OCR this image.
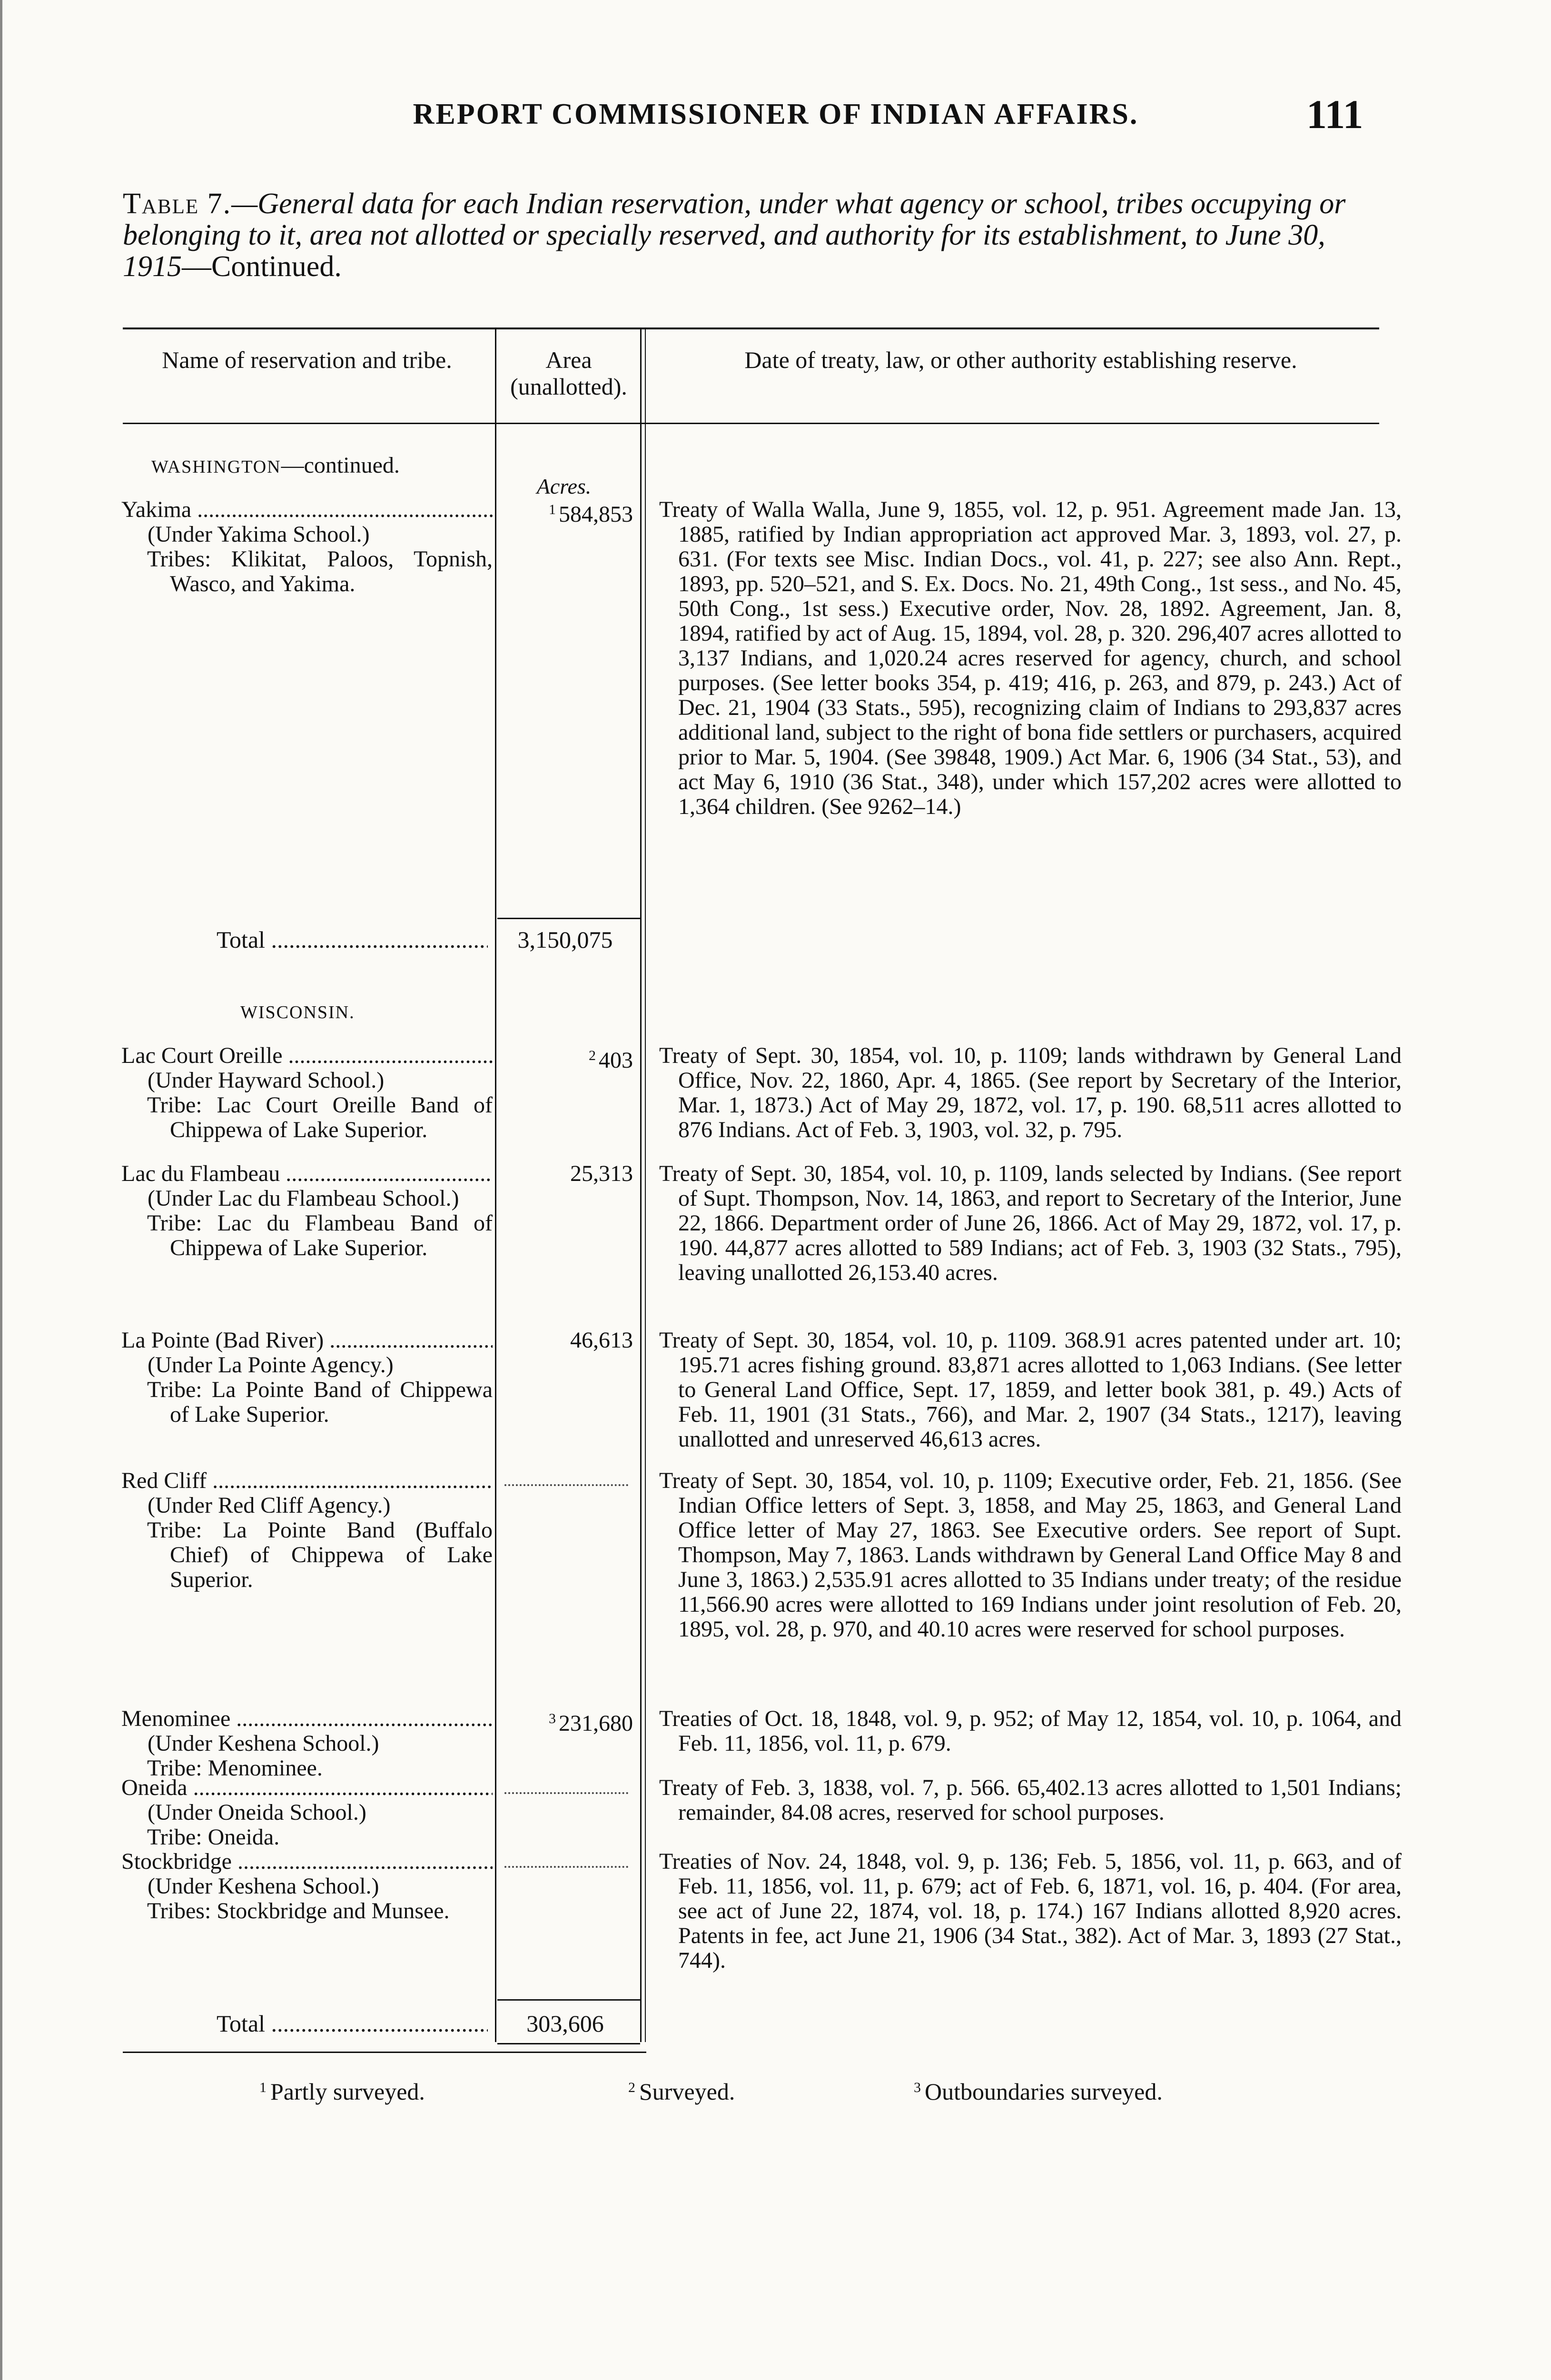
REPORT COMMISSIONER OF INDIAN AFFAIRS.	111
Table 7.—General data for each Indian reservation, under what agency or school, tribes occupying or belonging to it, area not allotted or specially reserved, and authority for its establishment, to June 30, 1915—Continued.
Name of reservation and tribe.	Area (unallotted).
Date of treaty, law, or other authority establishing reserve.
WASHINGTON—continued.
Acres.
Yakima .....
(Under Yakima School.)
Tribes: Klikitat, Paloos, Topnish, Wasco, and Yakima.
$^1$ 584,853 Treaty of Walla Walla, June 9, 1855, vol. 12, p. 951. Agreement made Jan. 13, 1885, ratified by Indian appropriation act approved Mar. 3, 1893, vol. 27, p. 631. (For texts see Misc. Indian Docs., vol. 41, p. 227; see also Ann. Rept., 1893, pp. 520–521, and S. Ex. Docs. No. 21, 49th Cong., 1st sess., and No. 45, 50th Cong., 1st sess.) Executive order, Nov. 28, 1892. Agreement, Jan. 8, 1894, ratified by act of Aug. 15, 1894, vol. 28, p. 320. 296,407 acres allotted to 3,137 Indians, and 1,020.24 acres reserved for agency, church, and school purposes. (See letter books 354, p. 419; 416, p. 263, and 879, p. 243.) Act of Dec. 21, 1904 (33 Stats., 595), recognizing claim of Indians to 293,837 acres additional land, subject to the right of bona fide settlers or purchasers, acquired prior to Mar. 5, 1904. (See 39848, 1909.) Act Mar. 6, 1906 (34 Stat., 53), and act May 6, 1910 (36 Stat., 348), under which 157,202 acres were allotted to 1,364 children. (See 9262–14.)
Total .....	3,150,075
WISCONSIN.
Lac Court Oreille .....
(Under Hayward School.)
Tribe: Lac Court Oreille Band of Chippewa of Lake Superior.
$^2$ 403 Treaty of Sept. 30, 1854, vol. 10, p. 1109; lands withdrawn by General Land Office, Nov. 22, 1860, Apr. 4, 1865. (See report by Secretary of the Interior, Mar. 1, 1873.) Act of May 29, 1872, vol. 17, p. 190. 68,511 acres allotted to 876 Indians. Act of Feb. 3, 1903, vol. 32, p. 795.
Lac du Flambeau .....
(Under Lac du Flambeau School.)
Tribe: Lac du Flambeau Band of Chippewa of Lake Superior.
25,313 Treaty of Sept. 30, 1854, vol. 10, p. 1109, lands selected by Indians. (See report of Supt. Thompson, Nov. 14, 1863, and report to Secretary of the Interior, June 22, 1866. Department order of June 26, 1866. Act of May 29, 1872, vol. 17, p. 190. 44,877 acres allotted to 589 Indians; act of Feb. 3, 1903 (32 Stats., 795), leaving unallotted 26,153.40 acres.
La Pointe (Bad River) .....
(Under La Pointe Agency.)
Tribe: La Pointe Band of Chippewa of Lake Superior.
46,613 Treaty of Sept. 30, 1854, vol. 10, p. 1109. 368.91 acres patented under art. 10; 195.71 acres fishing ground. 83,871 acres allotted to 1,063 Indians. (See letter to General Land Office, Sept. 17, 1859, and letter book 381, p. 49.) Acts of Feb. 11, 1901 (31 Stats., 766), and Mar. 2, 1907 (34 Stats., 1217), leaving unallotted and unreserved 46,613 acres.
Red Cliff .....
(Under Red Cliff Agency.)
Tribe: La Pointe Band (Buffalo Chief) of Chippewa of Lake Superior.
Treaty of Sept. 30, 1854, vol. 10, p. 1109; Executive order, Feb. 21, 1856. (See Indian Office letters of Sept. 3, 1858, and May 25, 1863, and General Land Office letter of May 27, 1863. See Executive orders. See report of Supt. Thompson, May 7, 1863. Lands withdrawn by General Land Office May 8 and June 3, 1863.) 2,535.91 acres allotted to 35 Indians under treaty; of the residue 11,566.90 acres were allotted to 169 Indians under joint resolution of Feb. 20, 1895, vol. 28, p. 970, and 40.10 acres were reserved for school purposes.
Menominee .....
(Under Keshena School.)
Tribe: Menominee.
$^3$ 231,680 Treaties of Oct. 18, 1848, vol. 9, p. 952; of May 12, 1854, vol. 10, p. 1064, and Feb. 11, 1856, vol. 11, p. 679.
Oneida .....
(Under Oneida School.)
Tribe: Oneida.
Treaty of Feb. 3, 1838, vol. 7, p. 566. 65,402.13 acres allotted to 1,501 Indians; remainder, 84.08 acres, reserved for school purposes.
Stockbridge .....
(Under Keshena School.)
Tribes: Stockbridge and Munsee.
Treaties of Nov. 24, 1848, vol. 9, p. 136; Feb. 5, 1856, vol. 11, p. 663, and of Feb. 11, 1856, vol. 11, p. 679; act of Feb. 6, 1871, vol. 16, p. 404. (For area, see act of June 22, 1874, vol. 18, p. 174.) 167 Indians allotted 8,920 acres. Patents in fee, act June 21, 1906 (34 Stat., 382). Act of Mar. 3, 1893 (27 Stat., 744).
Total .....	303,606
$^1$ Partly surveyed.	$^2$ Surveyed.	$^3$ Outboundaries surveyed.
